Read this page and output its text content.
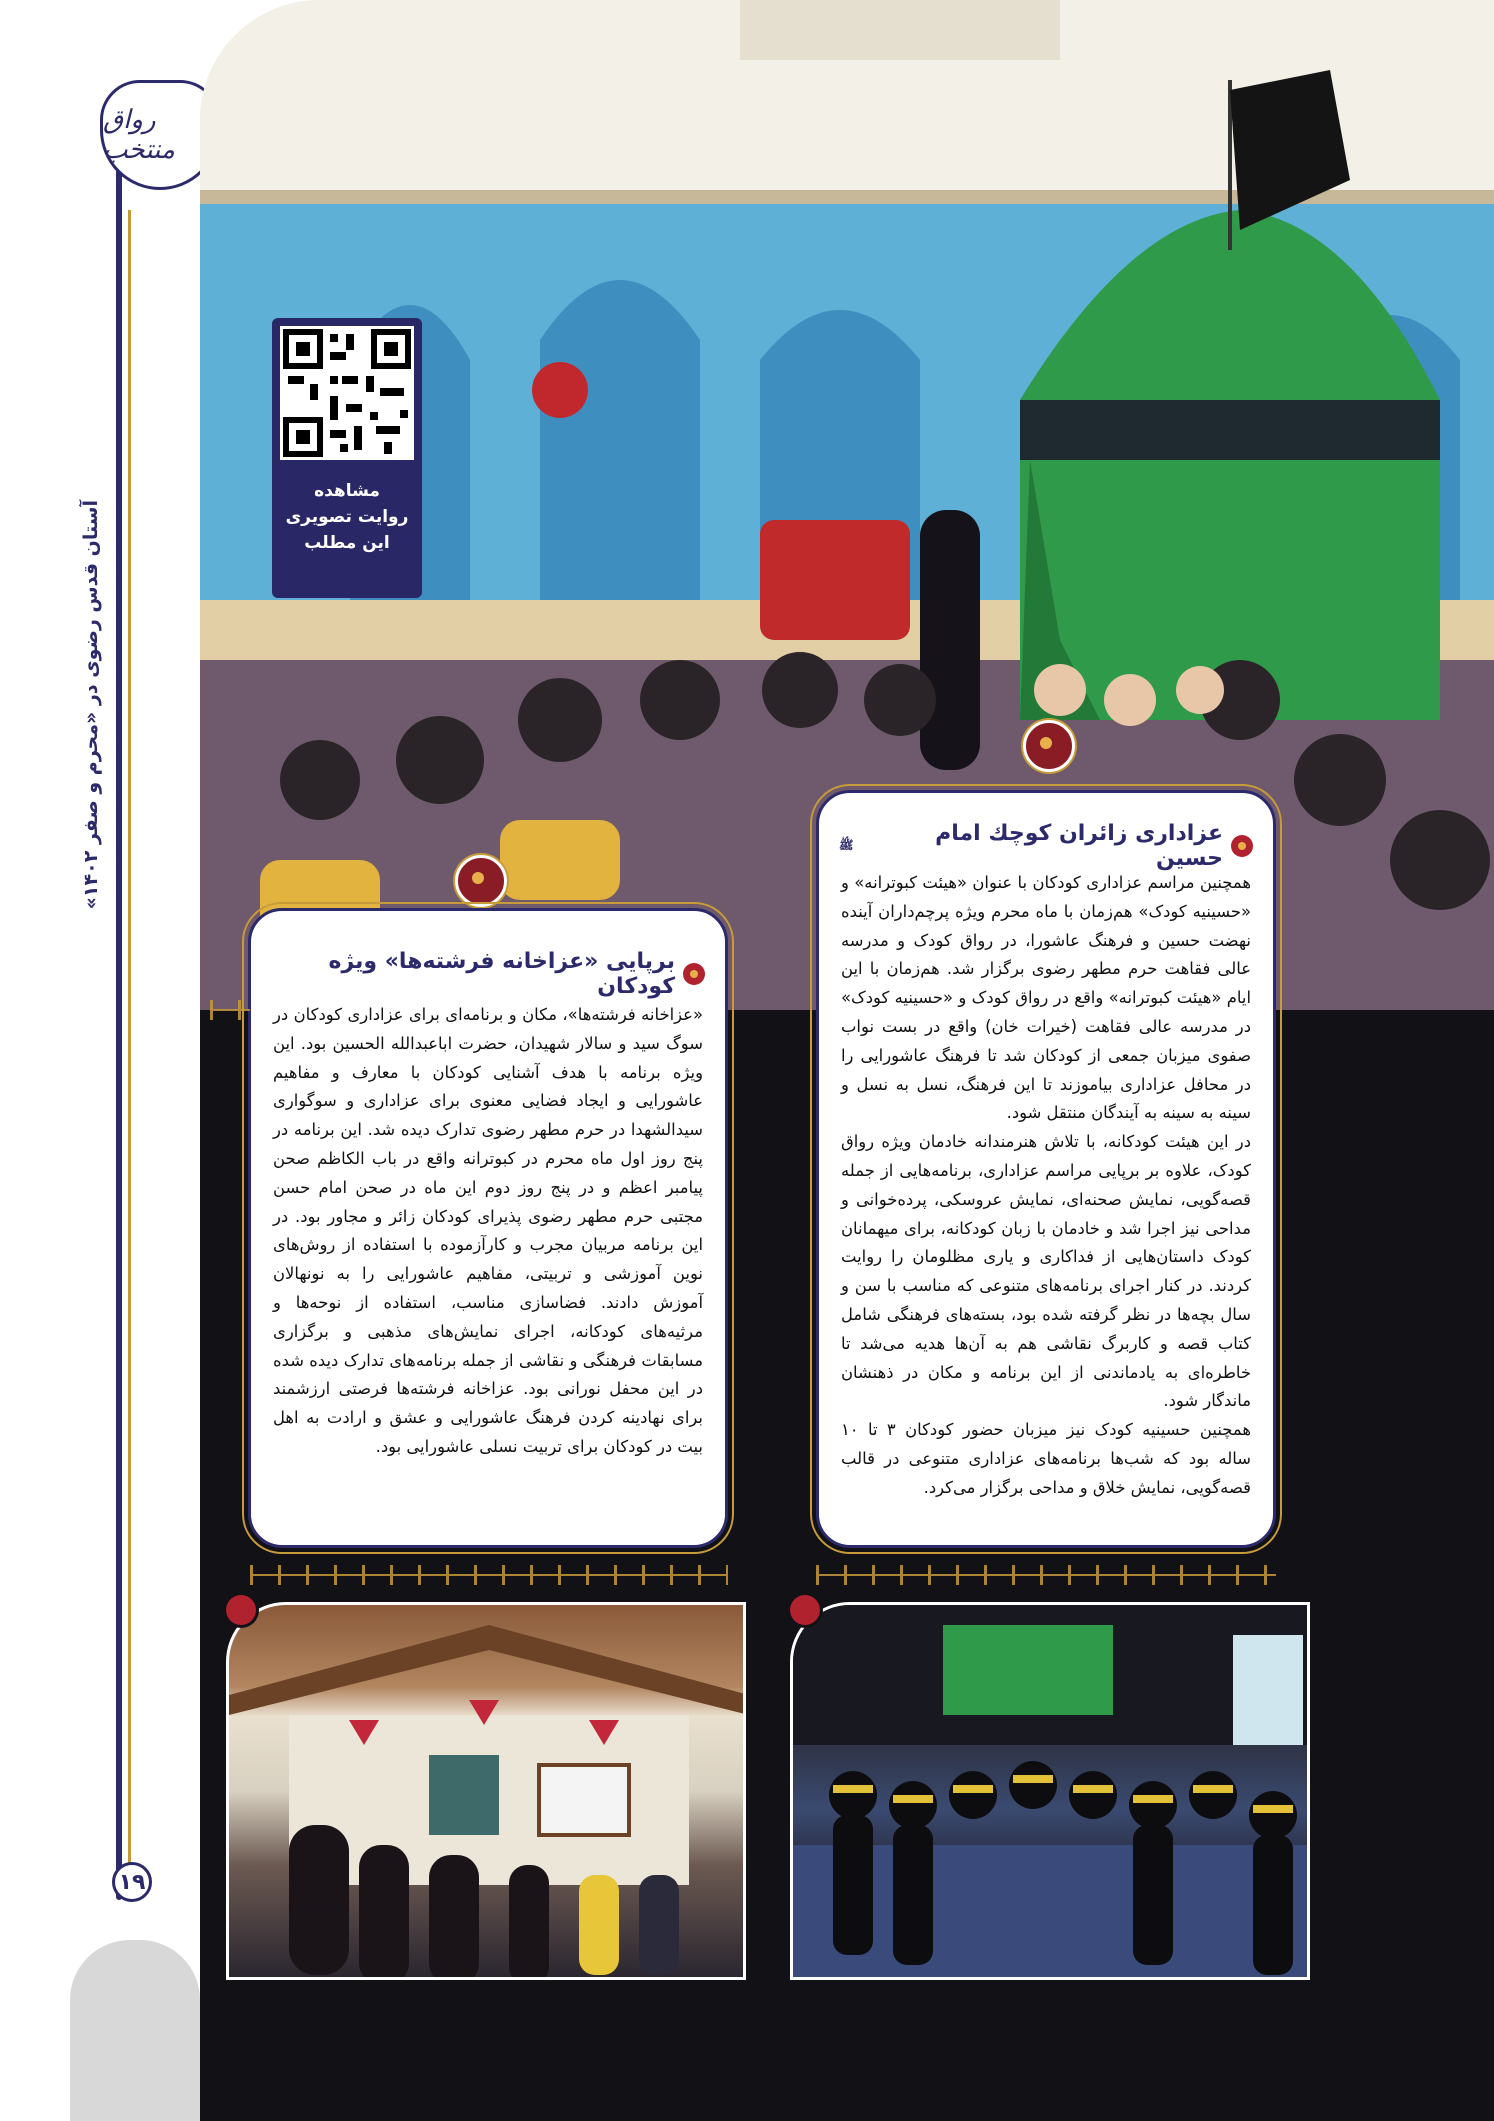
رواق منتخب
آستان قدس رضوی در «محرم و صفر ۱۴۰۲»
۱۹
مشاهده
روایت تصویری
این مطلب
عزاداری زائران کوچك امام حسین
ﷺ

همچنین مراسم عزاداری کودکان با عنوان «هیئت کبوترانه» و «حسینیه کودک» هم‌زمان با ماه محرم ویژه پرچم‌داران آینده نهضت حسین و فرهنگ عاشورا، در رواق کودک و مدرسه عالی فقاهت حرم مطهر رضوی برگزار شد. هم‌زمان با این ایام «هیئت کبوترانه» واقع در رواق کودک و «حسینیه کودک» در مدرسه عالی فقاهت (خیرات خان) واقع در بست نواب صفوی میزبان جمعی از کودکان شد تا فرهنگ عاشورایی را در محافل عزاداری بیاموزند تا این فرهنگ، نسل به نسل و سینه به سینه به آیندگان منتقل شود.

در این هیئت کودکانه، با تلاش هنرمندانه خادمان ویژه رواق کودک، علاوه بر برپایی مراسم عزاداری، برنامه‌هایی از جمله قصه‌گویی، نمایش صحنه‌ای، نمایش عروسکی، پرده‌خوانی و مداحی نیز اجرا شد و خادمان با زبان کودکانه، برای میهمانان کودک داستان‌هایی از فداکاری و یاری مظلومان را روایت کردند. در کنار اجرای برنامه‌های متنوعی که مناسب با سن و سال بچه‌ها در نظر گرفته شده بود، بسته‌های فرهنگی شامل کتاب قصه و کاربرگ نقاشی هم به آن‌ها هدیه می‌شد تا خاطره‌ای به یادماندنی از این برنامه و مکان در ذهنشان ماندگار شود.

همچنین حسینیه کودک نیز میزبان حضور کودکان ۳ تا ۱۰ ساله بود که شب‌ها برنامه‌های عزاداری متنوعی در قالب قصه‌گویی، نمایش خلاق و مداحی برگزار می‌کرد.

برپایی «عزاخانه فرشته‌ها» ویژه کودکان

«عزاخانه فرشته‌ها»، مکان و برنامه‌ای برای عزاداری کودکان در سوگ سید و سالار شهیدان، حضرت اباعبدالله الحسین بود. این ویژه برنامه با هدف آشنایی کودکان با معارف و مفاهیم عاشورایی و ایجاد فضایی معنوی برای عزاداری و سوگواری سیدالشهدا در حرم مطهر رضوی تدارک دیده شد. این برنامه در پنج روز اول ماه محرم در کبوترانه واقع در باب الکاظم صحن پیامبر اعظم و در پنج روز دوم این ماه در صحن امام حسن مجتبی حرم مطهر رضوی پذیرای کودکان زائر و مجاور بود. در این برنامه مربیان مجرب و کارآزموده با استفاده از روش‌های نوین آموزشی و تربیتی، مفاهیم عاشورایی را به نونهالان آموزش دادند. فضاسازی مناسب، استفاده از نوحه‌ها و مرثیه‌های کودکانه، اجرای نمایش‌های مذهبی و برگزاری مسابقات فرهنگی و نقاشی از جمله برنامه‌های تدارک دیده شده در این محفل نورانی بود. عزاخانه فرشته‌ها فرصتی ارزشمند برای نهادینه کردن فرهنگ عاشورایی و عشق و ارادت به اهل بیت در کودکان برای تربیت نسلی عاشورایی بود.
